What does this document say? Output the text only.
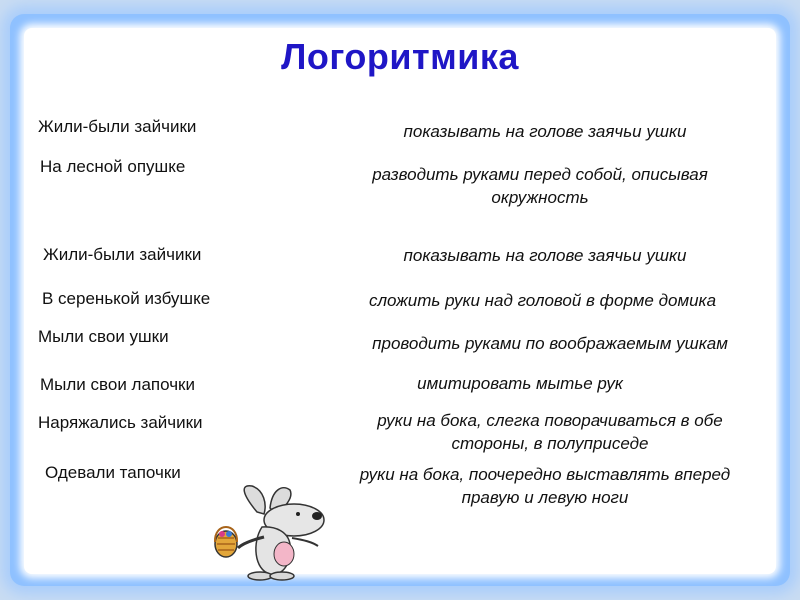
Логоритмика
Жили-были зайчики
На лесной опушке
Жили-были зайчики
В серенькой избушке
Мыли свои ушки
Мыли свои лапочки
Наряжались зайчики
Одевали тапочки
показывать на голове заячьи ушки
разводить руками перед собой, описывая окружность
показывать на голове заячьи ушки
сложить руки над головой в форме домика
проводить руками по воображаемым ушкам
имитировать мытье рук
руки на бока, слегка поворачиваться в обе стороны, в полуприседе
руки на бока, поочередно выставлять вперед правую и левую ноги
